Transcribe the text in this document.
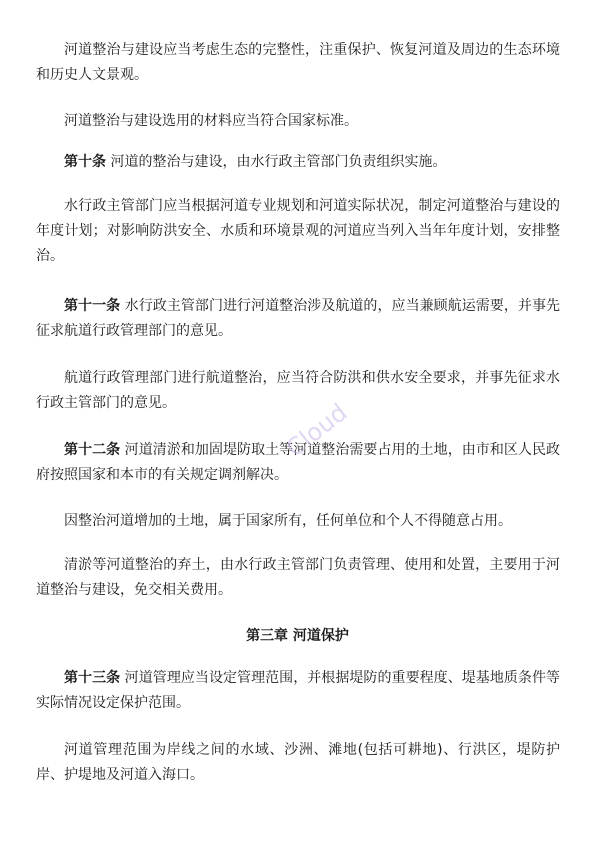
河道整治与建设应当考虑生态的完整性，注重保护、恢复河道及周边的生态环境和历史人文景观。

河道整治与建设选用的材料应当符合国家标准。

第十条 河道的整治与建设，由水行政主管部门负责组织实施。

水行政主管部门应当根据河道专业规划和河道实际状况，制定河道整治与建设的年度计划；对影响防洪安全、水质和环境景观的河道应当列入当年年度计划，安排整治。

第十一条 水行政主管部门进行河道整治涉及航道的，应当兼顾航运需要，并事先征求航道行政管理部门的意见。

航道行政管理部门进行航道整治，应当符合防洪和供水安全要求，并事先征求水行政主管部门的意见。

第十二条 河道清淤和加固堤防取土等河道整治需要占用的土地，由市和区人民政府按照国家和本市的有关规定调剂解决。

因整治河道增加的土地，属于国家所有，任何单位和个人不得随意占用。

清淤等河道整治的弃土，由水行政主管部门负责管理、使用和处置，主要用于河道整治与建设，免交相关费用。

第三章 河道保护

第十三条 河道管理应当设定管理范围，并根据堤防的重要程度、堤基地质条件等实际情况设定保护范围。

河道管理范围为岸线之间的水域、沙洲、滩地(包括可耕地)、行洪区，堤防护岸、护堤地及河道入海口。

Cloud
